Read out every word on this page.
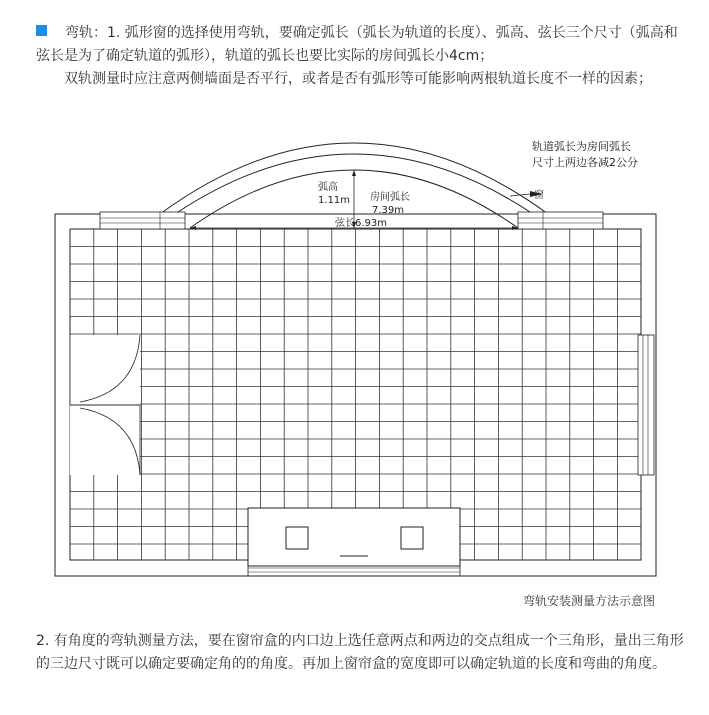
弯轨：1. 弧形窗的选择使用弯轨，要确定弧长（弧长为轨道的长度）、弧高、弦长三个尺寸（弧高和弦长是为了确定轨道的弧形），轨道的弧长也要比实际的房间弧长小4cm；

双轨测量时应注意两侧墙面是否平行，或者是否有弧形等可能影响两根轨道长度不一样的因素；

弧高
1.11m 房间弧长
7.39m
弦长6.93m
轨道弧长为房间弧长
尺寸上两边各减2公分
窗
弯轨安装测量方法示意图

2. 有角度的弯轨测量方法，要在窗帘盒的内口边上选任意两点和两边的交点组成一个三角形，量出三角形的三边尺寸既可以确定要确定角的的角度。再加上窗帘盒的宽度即可以确定轨道的长度和弯曲的角度。
